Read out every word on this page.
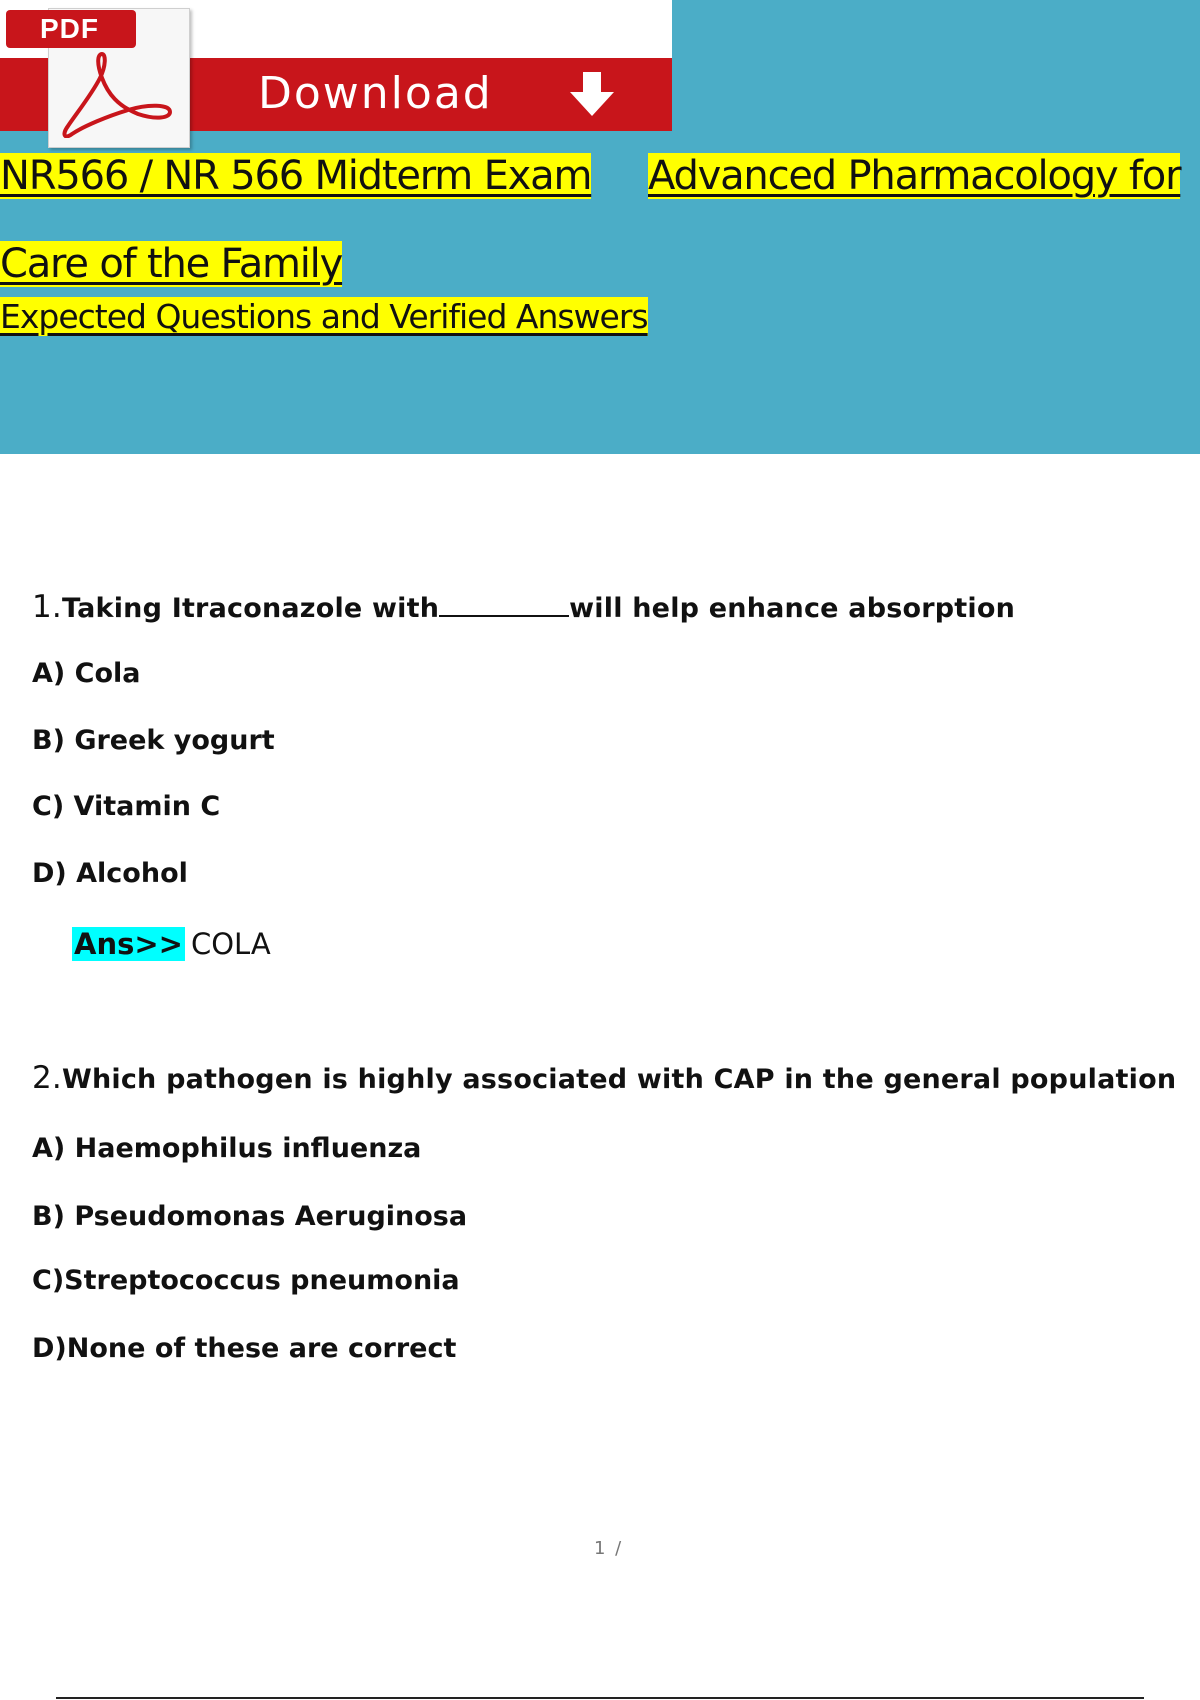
Download
PDF
NR566 / NR 566 Midterm Exam Advanced Pharmacology for
Care of the Family
Expected Questions and Verified Answers
1.Taking Itraconazole with	will help enhance absorption
A) Cola
B) Greek yogurt
C) Vitamin C
D) Alcohol
Ans>> COLA
2.Which pathogen is highly associated with CAP in the general population
A) Haemophilus influenza
B) Pseudomonas Aeruginosa
C)Streptococcus pneumonia
D)None of these are correct
1 /
